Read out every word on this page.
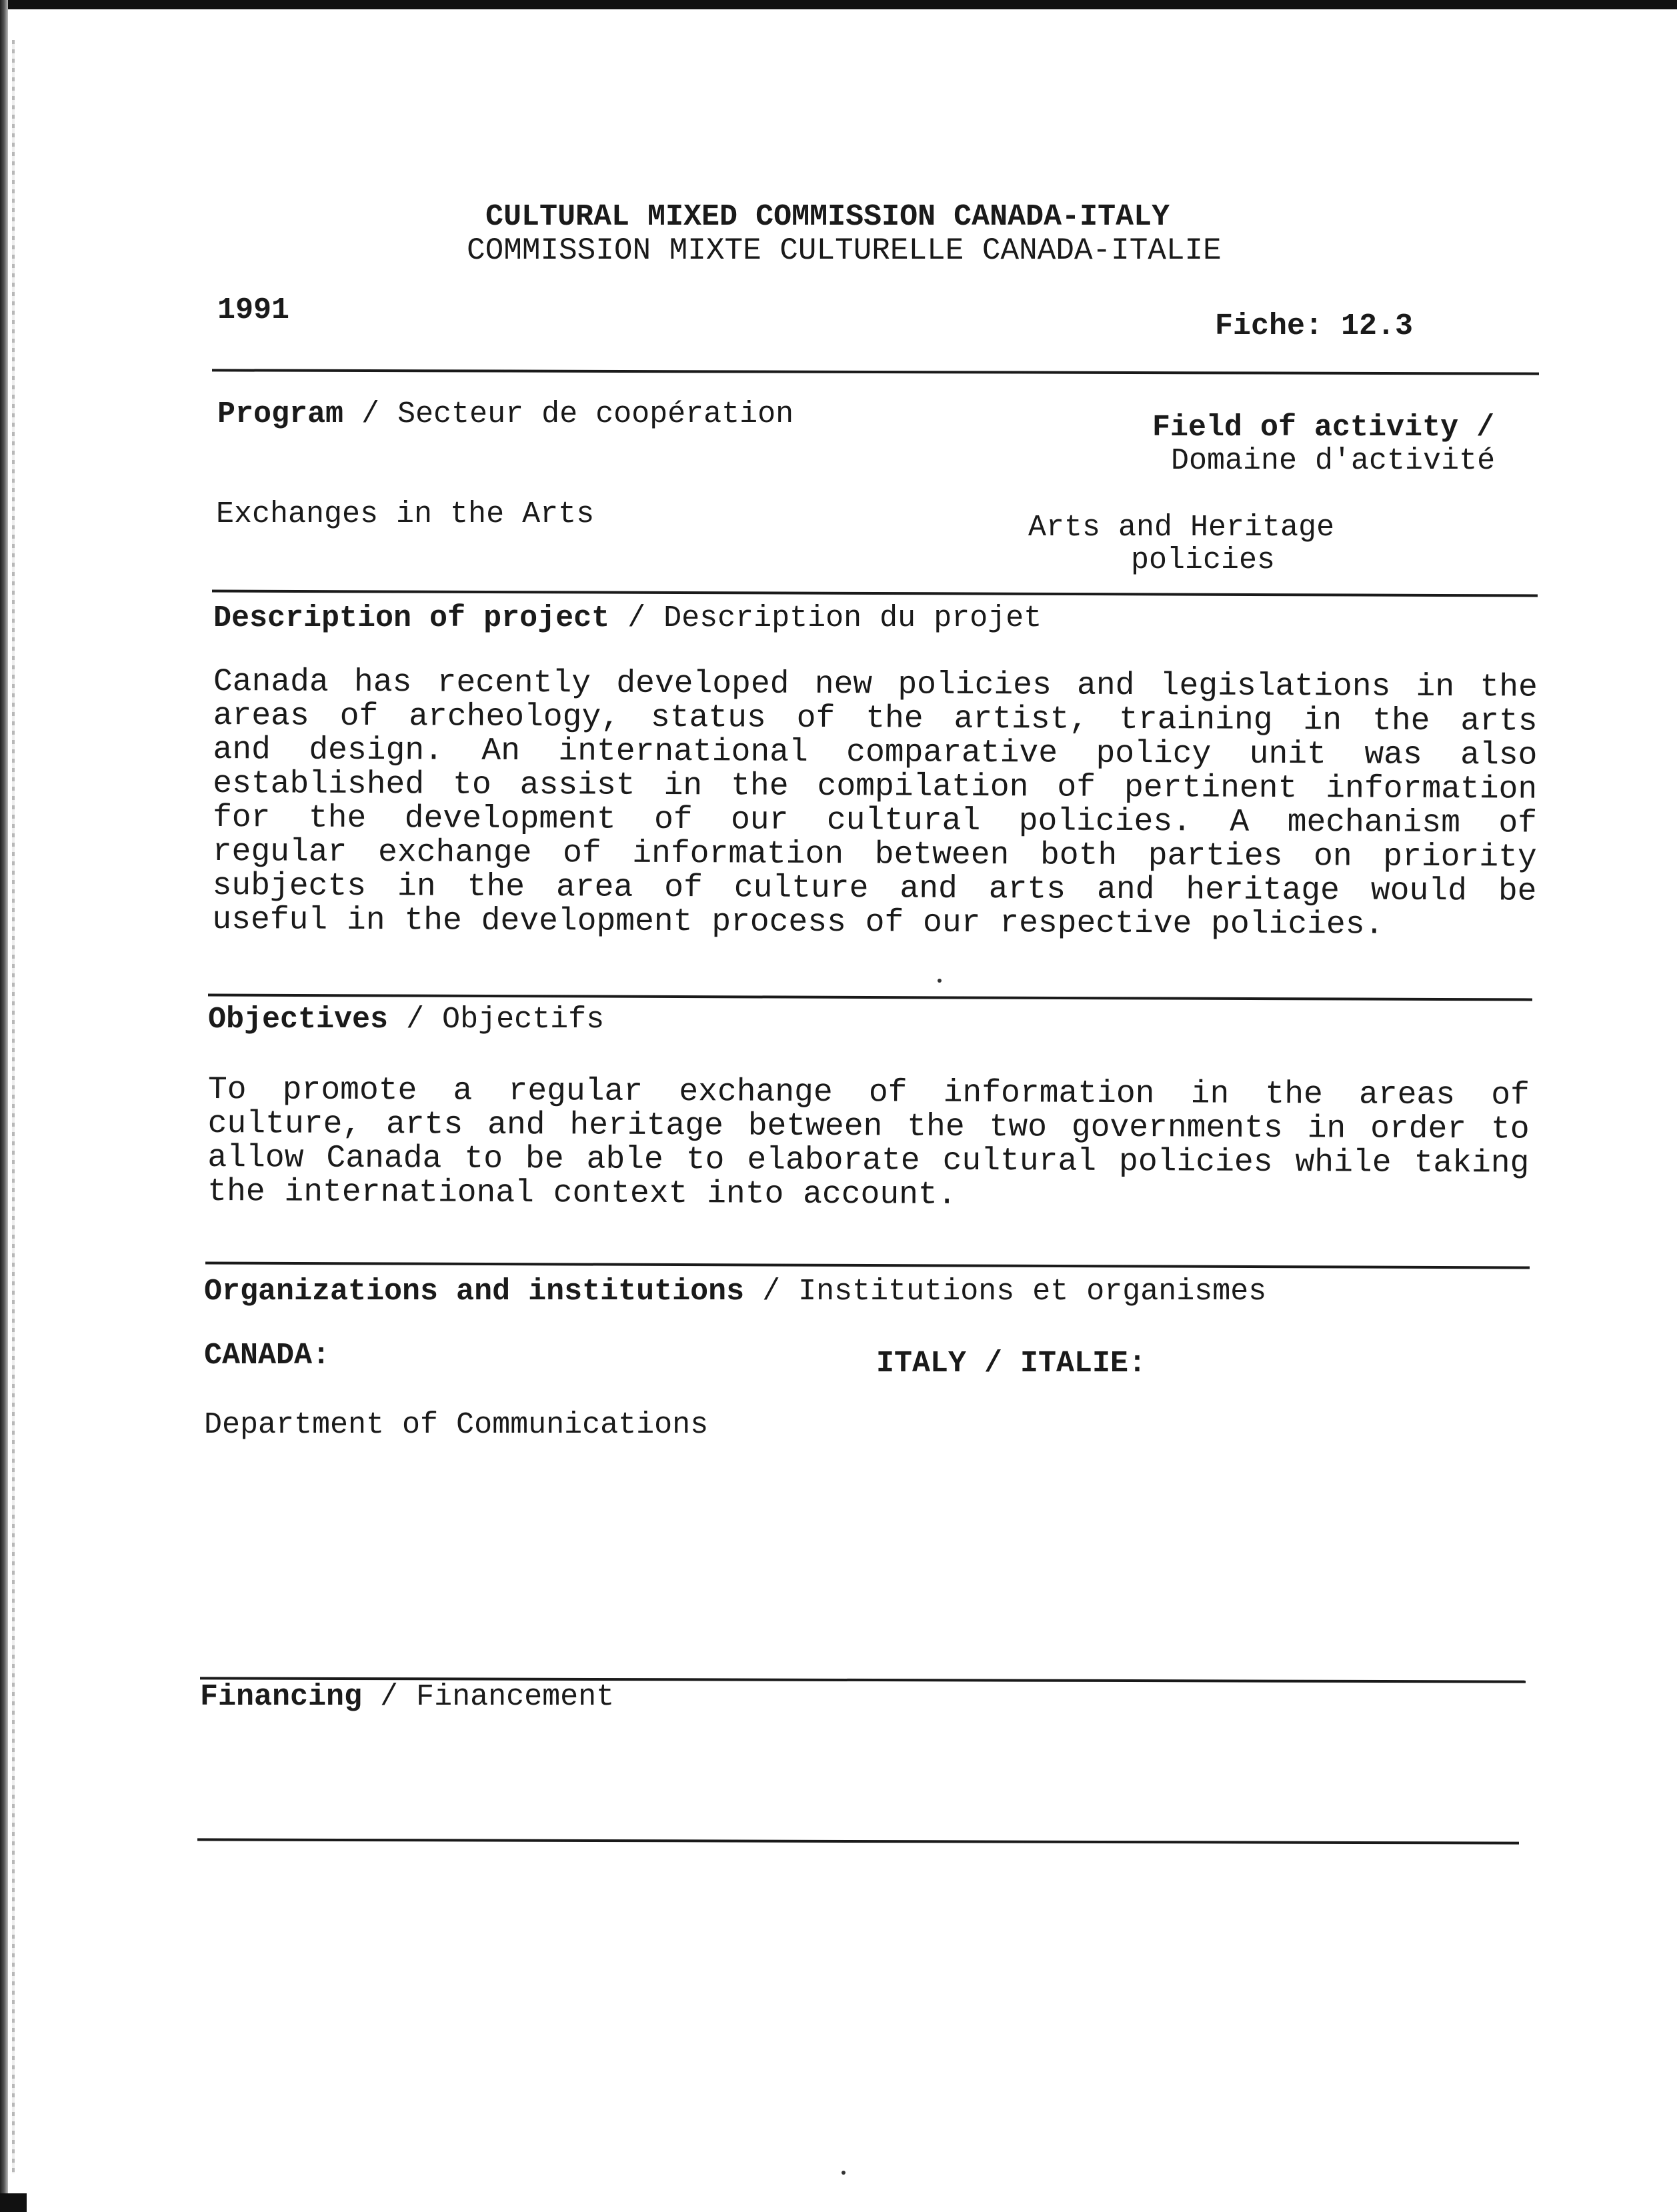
CULTURAL MIXED COMMISSION CANADA-ITALY

COMMISSION MIXTE CULTURELLE CANADA-ITALIE

1991	Fiche: 12.3

Program / Secteur de coopération	Field of activity /

Domaine d'activité

Exchanges in the Arts	Arts and Heritage

policies

Description of project / Description du projet

Canada has recently developed new policies and legislations in the
areas of archeology, status of the artist, training in the arts
and design. An international comparative policy unit was also
established to assist in the compilation of pertinent information
for the development of our cultural policies. A mechanism of
regular exchange of information between both parties on priority
subjects in the area of culture and arts and heritage would be
useful in the development process of our respective policies.

Objectives / Objectifs

To promote a regular exchange of information in the areas of
culture, arts and heritage between the two governments in order to
allow Canada to be able to elaborate cultural policies while taking
the international context into account.

Organizations and institutions / Institutions et organismes

CANADA:	ITALY / ITALIE:

Department of Communications

Financing / Financement
